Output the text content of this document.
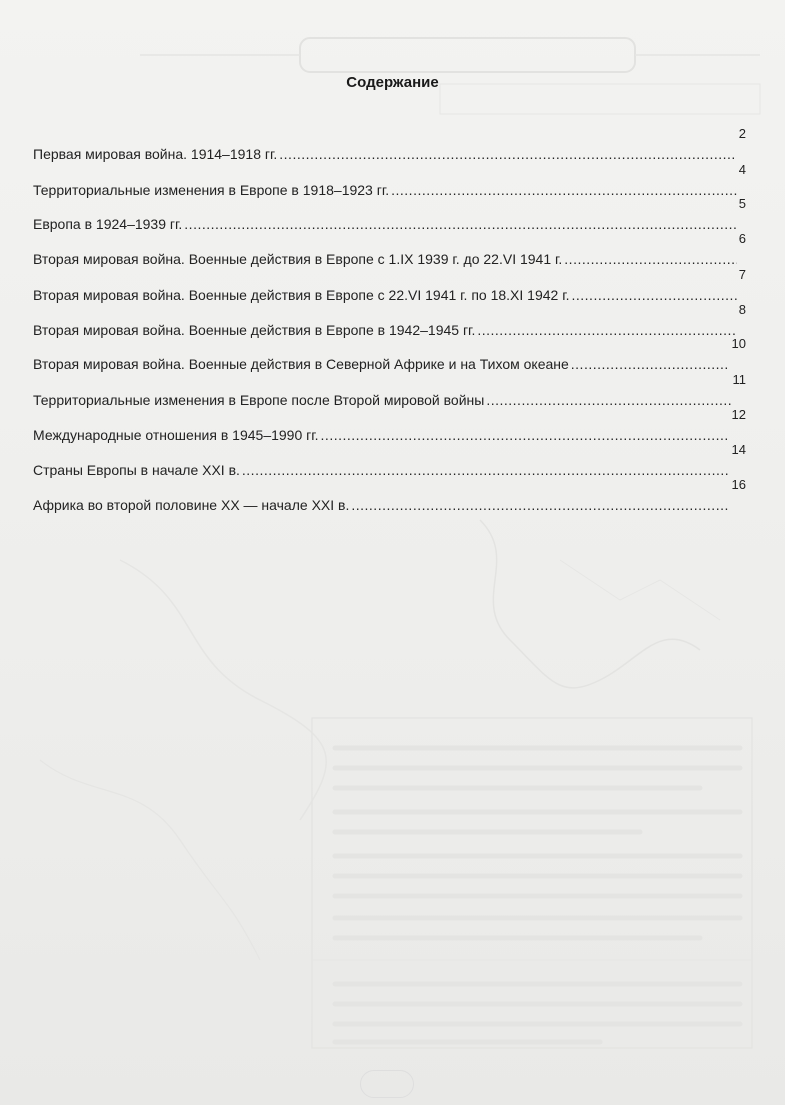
Содержание
Первая мировая война. 1914–1918 гг.
.....
2
Территориальные изменения в Европе в 1918–1923 гг.
.....
4
Европа в 1924–1939 гг.
.....
5
Вторая мировая война. Военные действия в Европе с 1.IX 1939 г. до 22.VI 1941 г.
.....
6
Вторая мировая война. Военные действия в Европе с 22.VI 1941 г. по 18.XI 1942 г.
.....
7
Вторая мировая война. Военные действия в Европе в 1942–1945 гг.
.....
8
Вторая мировая война. Военные действия в Северной Африке и на Тихом океане
.....
10
Территориальные изменения в Европе после Второй мировой войны
.....
11
Международные отношения в 1945–1990 гг.
.....
12
Страны Европы в начале XXI в.
.....
14
Африка во второй половине XX — начале XXI в.
.....
16
